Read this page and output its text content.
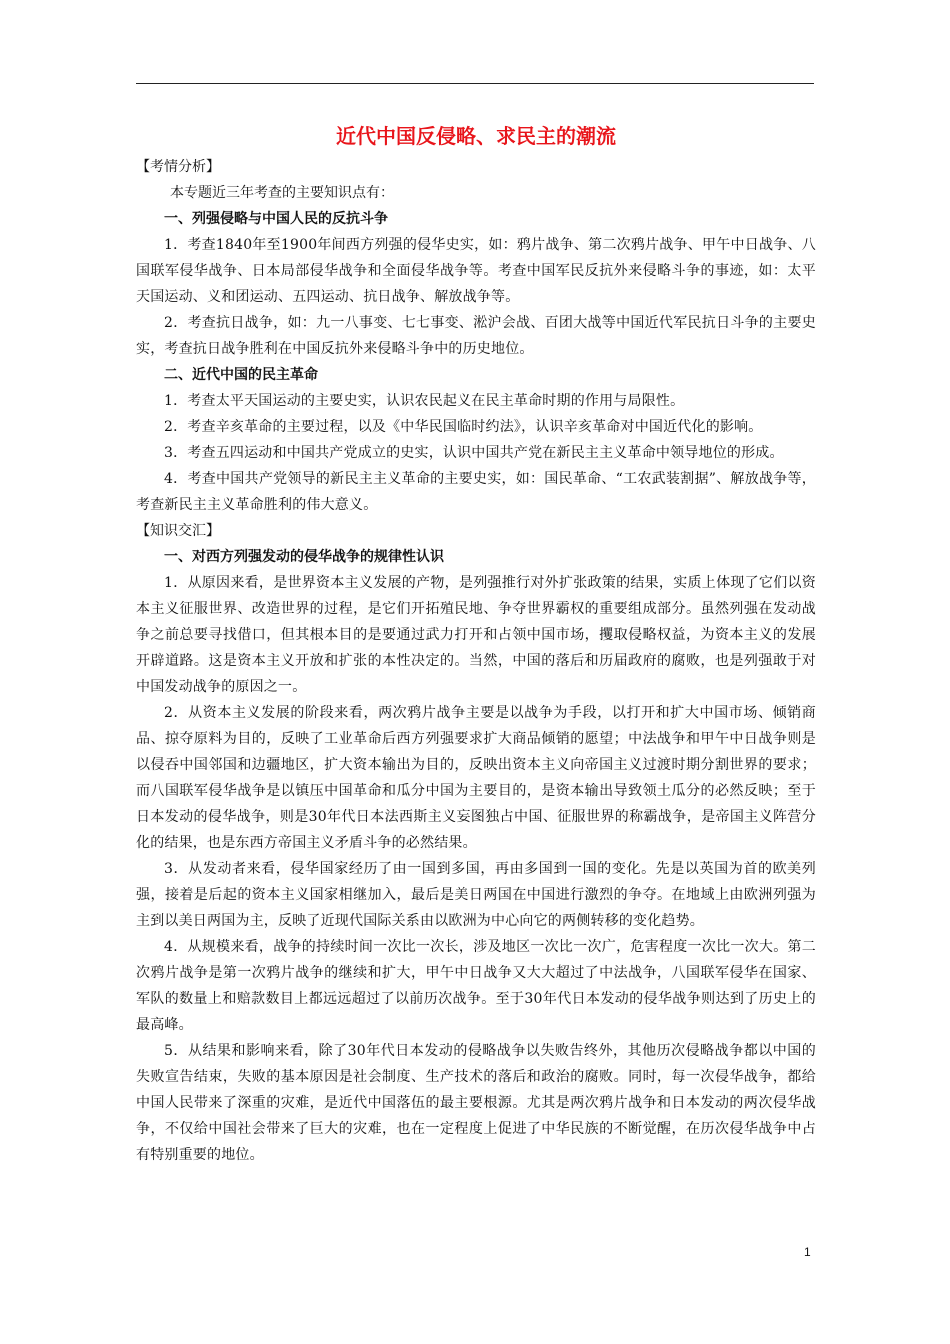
近代中国反侵略、求民主的潮流
【考情分析】
本专题近三年考查的主要知识点有：
一、列强侵略与中国人民的反抗斗争

1．考查1840年至1900年间西方列强的侵华史实，如：鸦片战争、第二次鸦片战争、甲午中日战争、八国联军侵华战争、日本局部侵华战争和全面侵华战争等。考查中国军民反抗外来侵略斗争的事迹，如：太平天国运动、义和团运动、五四运动、抗日战争、解放战争等。

2．考查抗日战争，如：九一八事变、七七事变、淞沪会战、百团大战等中国近代军民抗日斗争的主要史实，考查抗日战争胜利在中国反抗外来侵略斗争中的历史地位。

二、近代中国的民主革命

1．考查太平天国运动的主要史实，认识农民起义在民主革命时期的作用与局限性。

2．考查辛亥革命的主要过程，以及《中华民国临时约法》，认识辛亥革命对中国近代化的影响。

3．考查五四运动和中国共产党成立的史实，认识中国共产党在新民主主义革命中领导地位的形成。

4．考查中国共产党领导的新民主主义革命的主要史实，如：国民革命、“工农武装割据”、解放战争等，考查新民主主义革命胜利的伟大意义。

【知识交汇】
一、对西方列强发动的侵华战争的规律性认识

1．从原因来看，是世界资本主义发展的产物，是列强推行对外扩张政策的结果，实质上体现了它们以资本主义征服世界、改造世界的过程，是它们开拓殖民地、争夺世界霸权的重要组成部分。虽然列强在发动战争之前总要寻找借口，但其根本目的是要通过武力打开和占领中国市场，攫取侵略权益，为资本主义的发展开辟道路。这是资本主义开放和扩张的本性决定的。当然，中国的落后和历届政府的腐败，也是列强敢于对中国发动战争的原因之一。

2．从资本主义发展的阶段来看，两次鸦片战争主要是以战争为手段，以打开和扩大中国市场、倾销商品、掠夺原料为目的，反映了工业革命后西方列强要求扩大商品倾销的愿望；中法战争和甲午中日战争则是以侵吞中国邻国和边疆地区，扩大资本输出为目的，反映出资本主义向帝国主义过渡时期分割世界的要求；而八国联军侵华战争是以镇压中国革命和瓜分中国为主要目的，是资本输出导致领土瓜分的必然反映；至于日本发动的侵华战争，则是30年代日本法西斯主义妄图独占中国、征服世界的称霸战争，是帝国主义阵营分化的结果，也是东西方帝国主义矛盾斗争的必然结果。

3．从发动者来看，侵华国家经历了由一国到多国，再由多国到一国的变化。先是以英国为首的欧美列强，接着是后起的资本主义国家相继加入，最后是美日两国在中国进行激烈的争夺。在地域上由欧洲列强为主到以美日两国为主，反映了近现代国际关系由以欧洲为中心向它的两侧转移的变化趋势。

4．从规模来看，战争的持续时间一次比一次长，涉及地区一次比一次广，危害程度一次比一次大。第二次鸦片战争是第一次鸦片战争的继续和扩大，甲午中日战争又大大超过了中法战争，八国联军侵华在国家、军队的数量上和赔款数目上都远远超过了以前历次战争。至于30年代日本发动的侵华战争则达到了历史上的最高峰。

5．从结果和影响来看，除了30年代日本发动的侵略战争以失败告终外，其他历次侵略战争都以中国的失败宣告结束，失败的基本原因是社会制度、生产技术的落后和政治的腐败。同时，每一次侵华战争，都给中国人民带来了深重的灾难，是近代中国落伍的最主要根源。尤其是两次鸦片战争和日本发动的两次侵华战争，不仅给中国社会带来了巨大的灾难，也在一定程度上促进了中华民族的不断觉醒，在历次侵华战争中占有特别重要的地位。

1
